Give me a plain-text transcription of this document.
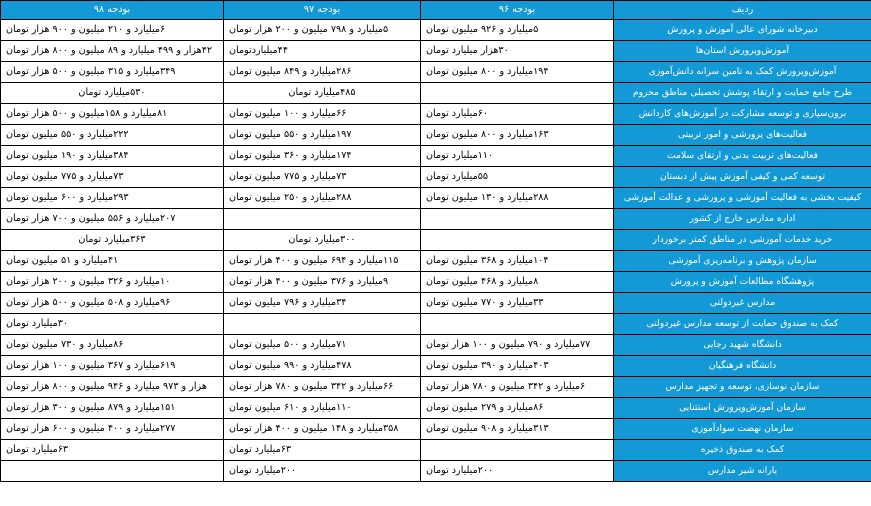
ردیف	بودجه ۹۶	بودجه ۹۷	بودجه ۹۸
دبیرخانه شورای عالی آموزش و پرورش	۵میلیارد و ۹۲۶ میلیون تومان	۵میلیارد و ۷۹۸ میلیون و ۲۰۰ هزار تومان	۶میلیارد و ۲۱۰ میلیون و ۹۰۰ هزار تومان
آموزش‌وپرورش استان‌ها	۳۰هزار میلیارد تومان	۴۴میلیاردتومان	۴۲هزار و ۴۹۹ میلیارد و ۸۹ میلیون و ۸۰۰ هزار تومان
آموزش‌وپرورش کمک به تامین سرانه دانش‌آموزی	۱۹۴میلیارد و ۸۰۰ میلیون تومان	۲۸۶میلیارد و ۸۴۹ میلیون تومان	۳۴۹میلیارد و ۳۱۵ میلیون و ۵۰۰ هزار تومان
طرح جامع حمایت و ارتقاء پوشش تحصیلی مناطق محروم		۴۸۵میلیارد تومان	۵۳۰میلیارد تومان
برون‌سپاری و توسعه مشارکت در آموزش‌های کاردانش	۶۰میلیارد تومان	۶۶میلیارد و ۱۰۰ میلیون تومان	۸۱میلیارد و ۱۵۸میلیون و ۵۰۰ هزار تومان
فعالیت‌های پرورشی و امور تربیتی	۱۶۳میلیارد و ۸۰۰ میلیون تومان	۱۹۷میلیارد و ۵۵۰ میلیون تومان	۲۲۲میلیارد و ۵۵۰ میلیون تومان
فعالیت‌های تربیت بدنی و ارتقای سلامت	۱۱۰میلیارد تومان	۱۷۴میلیارد و ۳۶۰ میلیون تومان	۳۸۴میلیارد و ۱۹۰ میلیون تومان
توسعه کمی و کیفی آموزش پیش از دبستان	۵۵میلیارد تومان	۷۳میلیارد و ۷۷۵ میلیون تومان	۷۳میلیارد و ۷۷۵ میلیون تومان
کیفیت بخشی به فعالیت آموزشی و پرورشی و عدالت آموزشی	۲۸۸میلیارد و ۱۳۰ میلیون تومان	۲۸۸میلیارد و ۲۵۰ میلیون تومان	۲۹۳میلیارد و ۶۰۰ میلیون تومان
اداره مدارس خارج از کشور			۲۰۷میلیارد و ۵۵۶ میلیون و ۷۰۰ هزار تومان
خرید خدمات آموزشی در مناطق کمتر برخوردار		۳۰۰میلیارد تومان	۳۶۳میلیارد تومان
سازمان پژوهش و برنامه‌ریزی آموزشی	۱۰۴میلیارد و ۳۶۸ میلیون تومان	۱۱۵میلیارد و ۶۹۴ میلیون و ۴۰۰ هزار تومان	۴۱میلیارد و ۵۱ میلیون تومان
پژوهشگاه مطالعات آموزش و پرورش	۸میلیارد و ۴۶۸ میلیون تومان	۹میلیارد و ۳۷۶ میلیون و ۴۰۰ هزار تومان	۱۰میلیارد و ۳۲۶ میلیون و ۲۰۰ هزار تومان
مدارس غیردولتی	۳۳میلیارد و ۷۷۰ میلیون تومان	۳۴میلیارد و ۷۹۶ میلیون تومان	۹۶میلیارد و ۵۰۸ میلیون و ۵۰۰ هزار تومان
کمک به صندوق حمایت از توسعه مدارس غیردولتی			۳۰میلیارد تومان
دانشگاه شهید رجایی	۷۷میلیارد و ۷۹۰ میلیون و ۱۰۰ هزار تومان	۷۱میلیارد و ۵۰۰ میلیون تومان	۸۶میلیارد و ۷۳۰ میلیون تومان
دانشگاه فرهنگیان	۴۰۳میلیارد و ۳۹۰ میلیون تومان	۴۷۸میلیارد و ۹۹۰ میلیون تومان	۶۱۹میلیارد و ۳۶۷ میلیون و ۱۰۰ هزار تومان
سازمان نوسازی، توسعه و تجهیز مدارس	۶میلیارد و ۳۴۲ میلیون و ۷۸۰ هزار تومان	۶۶میلیارد و ۳۴۲ میلیون و ۷۸۰ هزار تومان	هزار و ۹۷۳ میلیارد و ۹۴۶ میلیون و ۸۰۰ هزار تومان
سازمان آموزش‌وپرورش استثنایی	۸۶میلیارد و ۲۷۹ میلیون تومان	۱۱۰میلیارد و ۶۱۰ میلیون تومان	۱۵۱میلیارد و ۸۷۹ میلیون و ۳۰۰ هزار تومان
سازمان نهضت سوادآموزی	۳۱۳میلیارد و ۹۰۸ میلیون تومان	۳۵۸میلیارد و ۱۴۸ میلیون و ۴۰۰ هزار تومان	۲۷۷میلیارد و ۴۰۰ میلیون و ۶۰۰ هزار تومان
کمک به صندوق ذخیره		۶۳میلیارد تومان	۶۳میلیارد تومان
یارانه شیر مدارس	۲۰۰میلیارد تومان	۲۰۰میلیارد تومان	
